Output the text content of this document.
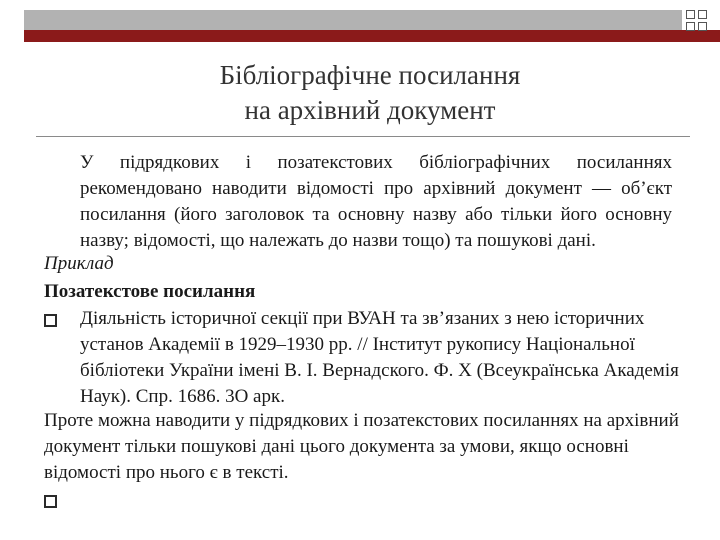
Бібліографічне посилання
на архівний документ
У підрядкових і позатекстових бібліографічних посиланнях
рекомендовано наводити відомості про архівний документ — об’єкт посилання (його заголовок та основну назву або тільки його основну назву; відомості, що належать до назви тощо) та пошукові дані.
Приклад
Позатекстове посилання
Діяльність історичної секції при ВУАН та зв’язаних з нею історичних установ Академії в 1929–1930 рр. // Інститут рукопису Національної бібліотеки України імені В. І. Вернадского. Ф. Х (Всеукраїнська Академія Наук). Спр. 1686. 3О арк.
Проте можна наводити у підрядкових і позатекстових посиланнях на архівний документ тільки пошукові дані цього документа за умови, якщо основні відомості про нього є в тексті.
